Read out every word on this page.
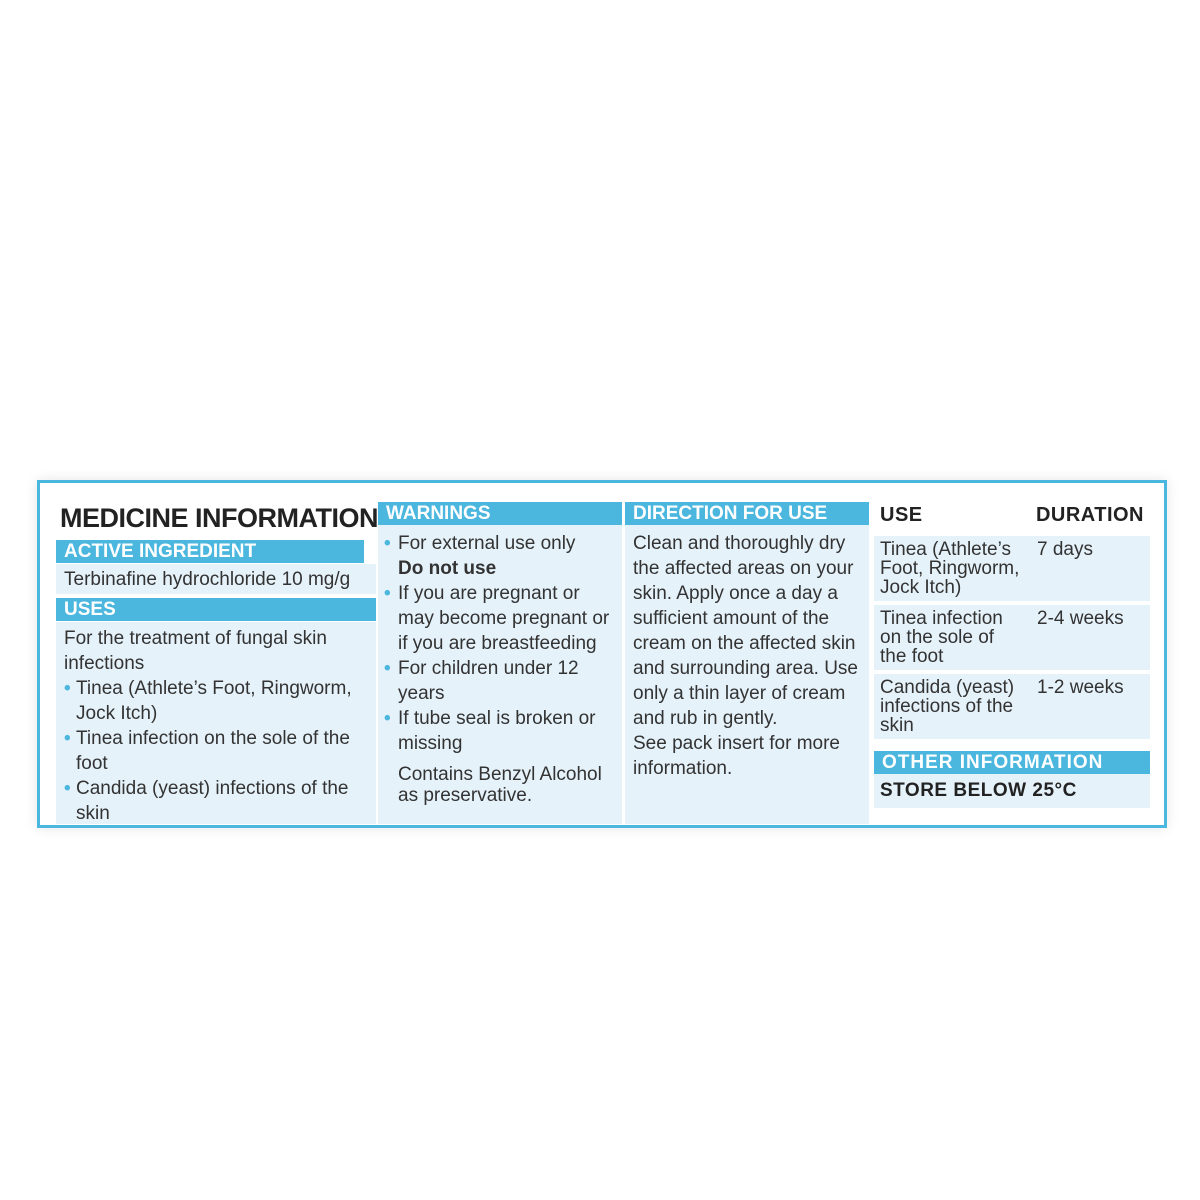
MEDICINE INFORMATION
ACTIVE INGREDIENT
Terbinafine hydrochloride 10 mg/g
USES
For the treatment of fungal skin infections
• Tinea (Athlete’s Foot, Ringworm, Jock Itch)
• Tinea infection on the sole of the foot
• Candida (yeast) infections of the skin
WARNINGS
• For external use only
Do not use
• If you are pregnant or may become pregnant or if you are breastfeeding
• For children under 12 years
• If tube seal is broken or missing
Contains Benzyl Alcohol as preservative.
DIRECTION FOR USE
Clean and thoroughly dry the affected areas on your skin. Apply once a day a sufficient amount of the cream on the affected skin and surrounding area. Use only a thin layer of cream and rub in gently.
See pack insert for more information.
USE	DURATION
Tinea (Athlete’s Foot, Ringworm, Jock Itch)	7 days
Tinea infection on the sole of the foot	2-4 weeks
Candida (yeast) infections of the skin	1-2 weeks
OTHER INFORMATION
STORE BELOW 25°C
